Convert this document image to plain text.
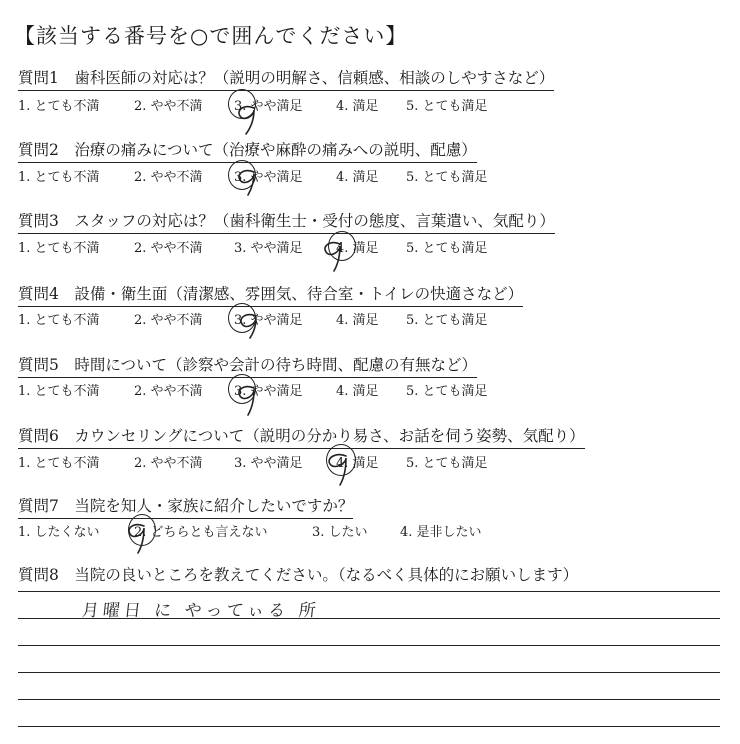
【該当する番号を○で囲んでください】
質問1　歯科医師の対応は？（説明の明解さ、信頼感、相談のしやすさなど）
1. とても不満	2. やや不満 3. やや満足	4. 満足 5. とても満足
質問2　治療の痛みについて（治療や麻酔の痛みへの説明、配慮）
1. とても不満	2. やや不満 3. やや満足	4. 満足 5. とても満足
質問3　スタッフの対応は？（歯科衛生士・受付の態度、言葉遣い、気配り）
1. とても不満	2. やや不満 3. やや満足	4. 満足 5. とても満足
質問4　設備・衛生面（清潔感、雰囲気、待合室・トイレの快適さなど）
1. とても不満	2. やや不満 3. やや満足	4. 満足 5. とても満足
質問5　時間について（診察や会計の待ち時間、配慮の有無など）
1. とても不満	2. やや不満 3. やや満足	4. 満足 5. とても満足
質問6　カウンセリングについて（説明の分かり易さ、お話を伺う姿勢、気配り）
1. とても不満	2. やや不満 3. やや満足	4. 満足 5. とても満足
質問7　当院を知人・家族に紹介したいですか？
1. したくない	2. どちらとも言えない	3. したい 4. 是非したい
質問8　当院の良いところを教えてください。（なるべく具体的にお願いします）
月曜日 に やってぃる 所
